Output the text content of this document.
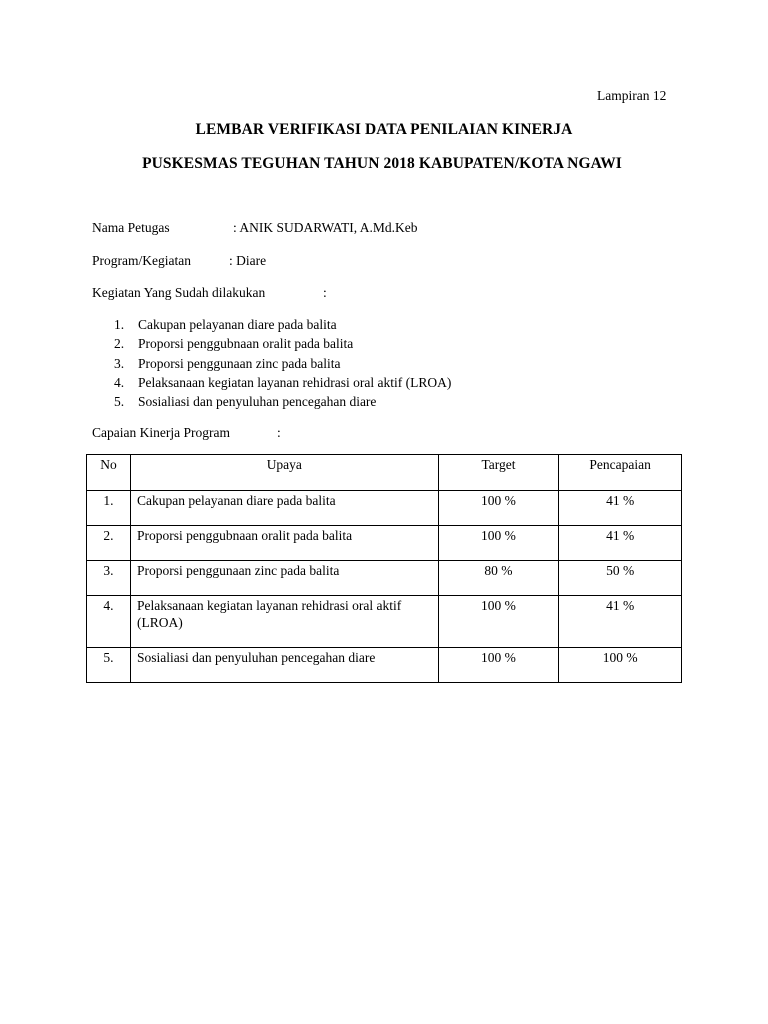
Lampiran 12
LEMBAR VERIFIKASI DATA PENILAIAN KINERJA
PUSKESMAS TEGUHAN TAHUN 2018 KABUPATEN/KOTA NGAWI
Nama Petugas	: ANIK SUDARWATI, A.Md.Keb
Program/Kegiatan	: Diare
Kegiatan Yang Sudah dilakukan	:
1. Cakupan pelayanan diare pada balita
2. Proporsi penggubnaan oralit pada balita
3. Proporsi penggunaan zinc pada balita
4. Pelaksanaan kegiatan layanan rehidrasi oral aktif (LROA)
5. Sosialiasi dan penyuluhan pencegahan diare
Capaian Kinerja Program	:
No	Upaya	Target	Pencapaian
1.	Cakupan pelayanan diare pada balita	100 %	41 %
2.	Proporsi penggubnaan oralit pada balita	100 %	41 %
3.	Proporsi penggunaan zinc pada balita	80 %	50 %
4.	Pelaksanaan kegiatan layanan rehidrasi oral aktif (LROA)	100 %	41 %
5.	Sosialiasi dan penyuluhan pencegahan diare	100 %	100 %
